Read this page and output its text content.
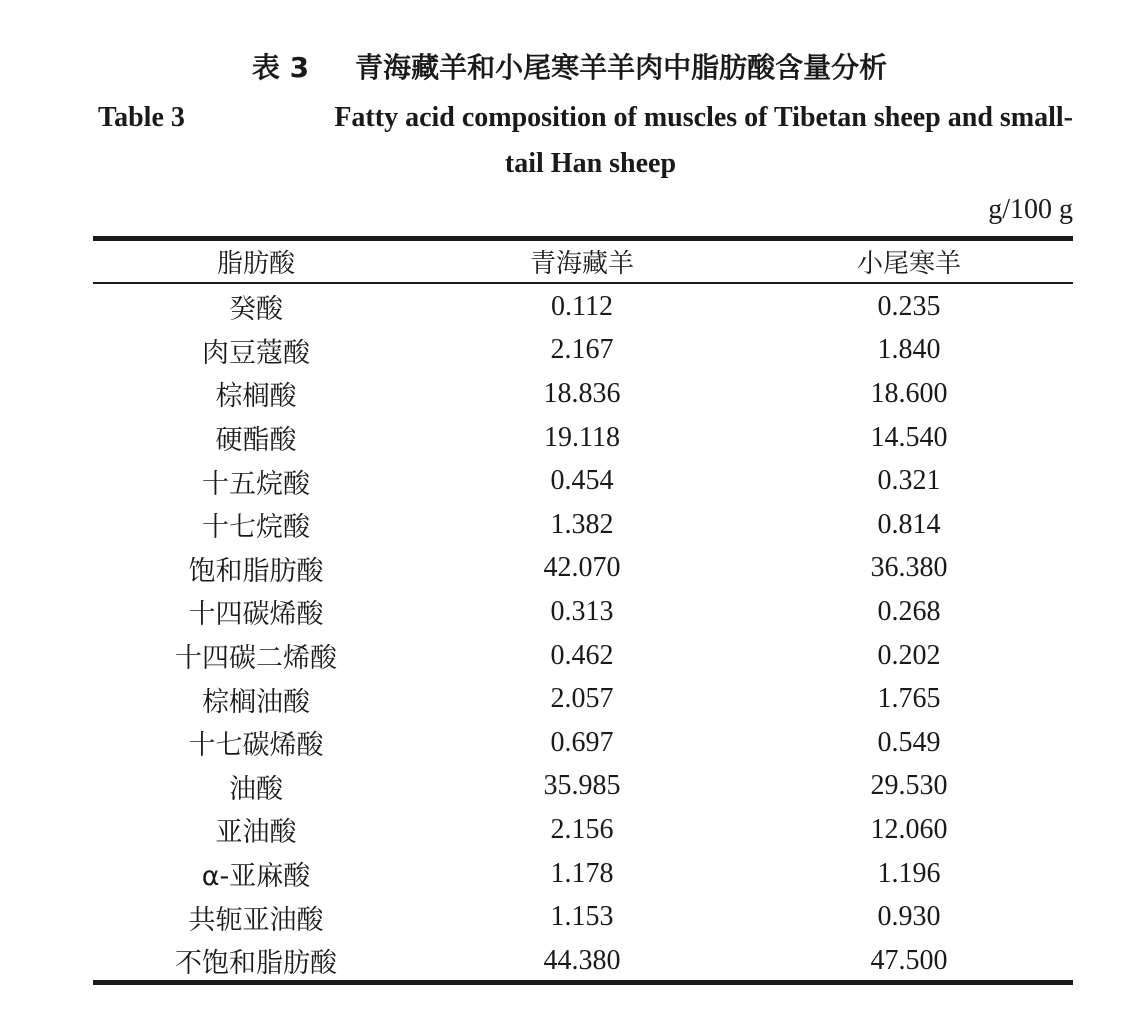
表 3 青海藏羊和小尾寒羊羊肉中脂肪酸含量分析
Table 3	Fatty acid composition of muscles of Tibetan sheep and small-
tail Han sheep
g/100 g
脂肪酸	青海藏羊	小尾寒羊
癸酸	0.112	0.235
肉豆蔻酸	2.167	1.840
棕榈酸	18.836	18.600
硬酯酸	19.118	14.540
十五烷酸	0.454	0.321
十七烷酸	1.382	0.814
饱和脂肪酸	42.070	36.380
十四碳烯酸	0.313	0.268
十四碳二烯酸	0.462	0.202
棕榈油酸	2.057	1.765
十七碳烯酸	0.697	0.549
油酸	35.985	29.530
亚油酸	2.156	12.060
α-亚麻酸	1.178	1.196
共轭亚油酸	1.153	0.930
不饱和脂肪酸	44.380	47.500
